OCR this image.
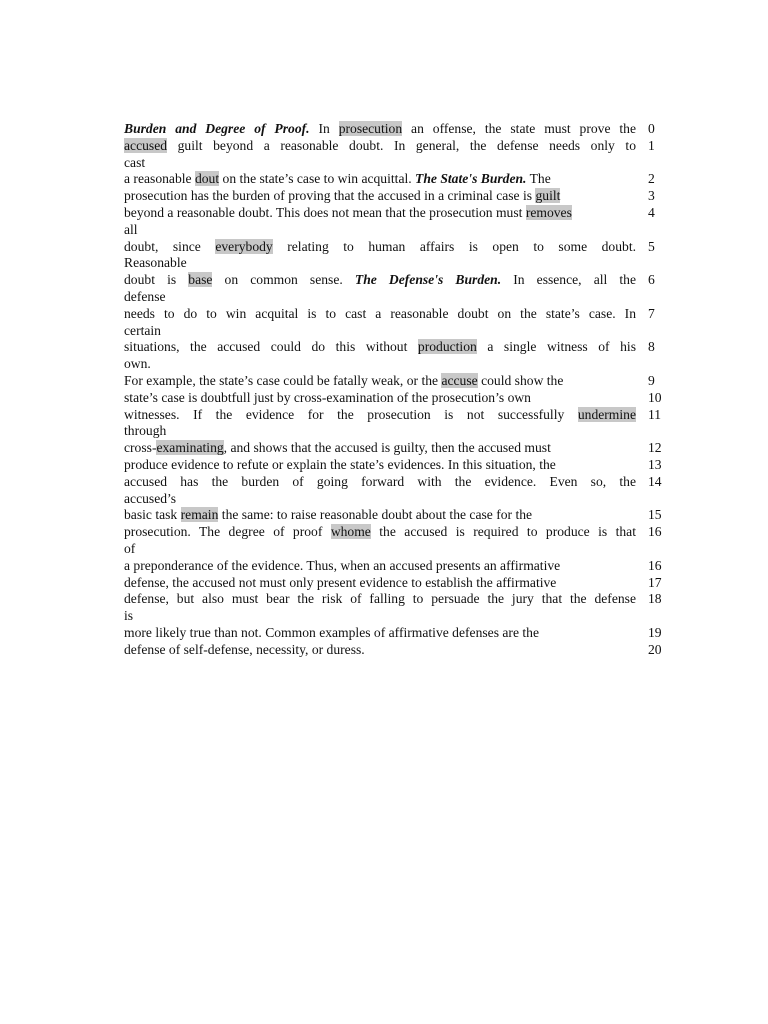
Burden and Degree of Proof. In prosecution an offense, the state must prove the 0
accused guilt beyond a reasonable doubt. In general, the defense needs only to 1
cast
a reasonable dout on the state’s case to win acquittal. The State's Burden. The	2
prosecution has the burden of proving that the accused in a criminal case is guilt	3
beyond a reasonable doubt. This does not mean that the prosecution must removes	4
all
doubt, since everybody relating to human affairs is open to some doubt. 5
Reasonable
doubt is base on common sense. The Defense's Burden. In essence, all the 6
defense
needs to do to win acquital is to cast a reasonable doubt on the state’s case. In 7
certain
situations, the accused could do this without production a single witness of his 8
own.
For example, the state’s case could be fatally weak, or the accuse could show the	9
state’s case is doubtfull just by cross-examination of the prosecution’s own	10
witnesses. If the evidence for the prosecution is not successfully undermine 11
through
cross-examinating, and shows that the accused is guilty, then the accused must	12
produce evidence to refute or explain the state’s evidences. In this situation, the	13
accused has the burden of going forward with the evidence. Even so, the 14
accused’s
basic task remain the same: to raise reasonable doubt about the case for the	15
prosecution. The degree of proof whome the accused is required to produce is that 16
of
a preponderance of the evidence. Thus, when an accused presents an affirmative	16
defense, the accused not must only present evidence to establish the affirmative	17
defense, but also must bear the risk of falling to persuade the jury that the defense 18
is
more likely true than not. Common examples of affirmative defenses are the	19
defense of self-defense, necessity, or duress.	20
